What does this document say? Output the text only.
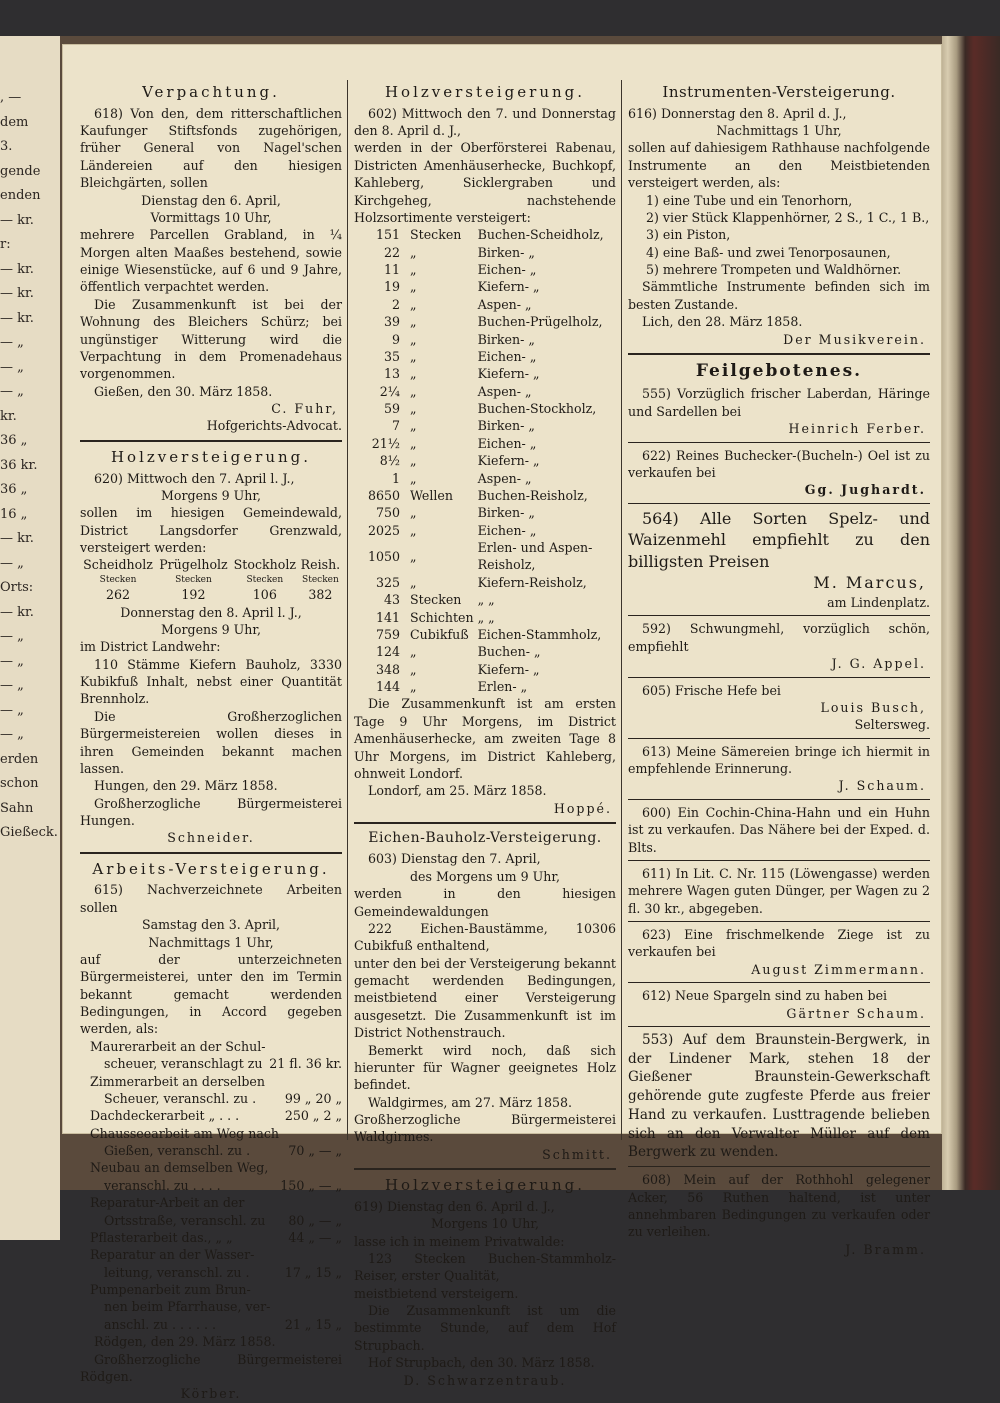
, —
dem
3.
gende
enden
— kr.
r:
— kr.
— kr.
— kr.
— „
— „
— „
kr.
36 „
36 kr.
36 „
16 „
— kr.
— „
Orts:
— kr.
— „
— „
— „
— „
— „
erden
schon
Sahn
Gießeck.
Verpachtung.

618) Von den, dem ritterschaftlichen Kaufunger Stiftsfonds zugehörigen, früher General von Nagel'schen Ländereien auf den hiesigen Bleichgärten, sollen

Dienstag den 6. April,
Vormittags 10 Uhr,

mehrere Parcellen Grabland, in ¼ Morgen alten Maaßes bestehend, sowie einige Wiesenstücke, auf 6 und 9 Jahre, öffentlich verpachtet werden.

Die Zusammenkunft ist bei der Wohnung des Bleichers Schürz; bei ungünstiger Witterung wird die Verpachtung in dem Promenadehaus vorgenommen.

Gießen, den 30. März 1858.

C. Fuhr,
Hofgerichts-Advocat.
Holzversteigerung.

620) Mittwoch den 7. April l. J.,

Morgens 9 Uhr,

sollen im hiesigen Gemeindewald, District Langsdorfer Grenzwald, versteigert werden:

Scheidholz	Prügelholz	Stockholz	Reish.
Stecken	Stecken	Stecken	Stecken
262	192	106	382
Donnerstag den 8. April l. J.,
Morgens 9 Uhr,

im District Landwehr:

110 Stämme Kiefern Bauholz, 3330 Kubikfuß Inhalt, nebst einer Quantität Brennholz.

Die Großherzoglichen Bürgermeistereien wollen dieses in ihren Gemeinden bekannt machen lassen.

Hungen, den 29. März 1858.

Großherzogliche Bürgermeisterei Hungen.

Schneider.
Arbeits-Versteigerung.

615) Nachverzeichnete Arbeiten sollen

Samstag den 3. April,
Nachmittags 1 Uhr,

auf der unterzeichneten Bürgermeisterei, unter den im Termin bekannt gemacht werdenden Bedingungen, in Accord gegeben werden, als:

Maurerarbeit an der Schul-
scheuer, veranschlagt zu 21 fl. 36 kr.
Zimmerarbeit an derselben
Scheuer, veranschl. zu . 99 „ 20 „
Dachdeckerarbeit „ . . .	250 „ 2 „
Chausseearbeit am Weg nach
Gießen, veranschl. zu .	70 „ — „
Neubau an demselben Weg,
veranschl. zu . . . .	150 „ — „
Reparatur-Arbeit an der
Ortsstraße, veranschl. zu 80 „ — „
Pflasterarbeit das., „ „	44 „ — „
Reparatur an der Wasser-
leitung, veranschl. zu .	17 „ 15 „
Pumpenarbeit zum Brun-
nen beim Pfarrhause, ver-
anschl. zu . . . . . .	21 „ 15 „

Rödgen, den 29. März 1858.

Großherzogliche Bürgermeisterei Rödgen.

Körber.
Holzversteigerung.

602) Mittwoch den 7. und Donnerstag den 8. April d. J.,

werden in der Oberförsterei Rabenau, Districten Amenhäuserhecke, Buchkopf, Kahleberg, Sicklergraben und Kirchgeheg, nachstehende Holzsortimente versteigert:

151	Stecken	Buchen-Scheidholz,
22	„	Birken- „
11	„	Eichen- „
19	„	Kiefern- „
2	„	Aspen- „
39	„	Buchen-Prügelholz,
9	„	Birken- „
35	„	Eichen- „
13	„	Kiefern- „
2¼	„	Aspen- „
59	„	Buchen-Stockholz,
7	„	Birken- „
21½	„	Eichen- „
8½	„	Kiefern- „
1	„	Aspen- „
8650	Wellen	Buchen-Reisholz,
750	„	Birken- „
2025	„	Eichen- „
1050	„	Erlen- und Aspen-Reisholz,
325	„	Kiefern-Reisholz,
43	Stecken	„ „
141	Schichten	„ „
759	Cubikfuß	Eichen-Stammholz,
124	„	Buchen- „
348	„	Kiefern- „
144	„	Erlen- „

Die Zusammenkunft ist am ersten Tage 9 Uhr Morgens, im District Amenhäuserhecke, am zweiten Tage 8 Uhr Morgens, im District Kahleberg, ohnweit Londorf.

Londorf, am 25. März 1858.

Hoppé.
Eichen-Bauholz-Versteigerung.

603) Dienstag den 7. April,

des Morgens um 9 Uhr,

werden in den hiesigen Gemeindewaldungen

222 Eichen-Baustämme, 10306 Cubikfuß enthaltend,

unter den bei der Versteigerung bekannt gemacht werdenden Bedingungen, meistbietend einer Versteigerung ausgesetzt. Die Zusammenkunft ist im District Nothenstrauch.

Bemerkt wird noch, daß sich hierunter für Wagner geeignetes Holz befindet.

Waldgirmes, am 27. März 1858.

Großherzogliche Bürgermeisterei Waldgirmes.

Schmitt.
Holzversteigerung.

619) Dienstag den 6. April d. J.,

Morgens 10 Uhr,

lasse ich in meinem Privatwalde:

123 Stecken Buchen-Stammholz-Reiser, erster Qualität,

meistbietend versteigern.

Die Zusammenkunft ist um die bestimmte Stunde, auf dem Hof Strupbach.

Hof Strupbach, den 30. März 1858.

D. Schwarzentraub.
Instrumenten-Versteigerung.

616) Donnerstag den 8. April d. J.,

Nachmittags 1 Uhr,

sollen auf dahiesigem Rathhause nachfolgende Instrumente an den Meistbietenden versteigert werden, als:

1) eine Tube und ein Tenorhorn,
2) vier Stück Klappenhörner, 2 S., 1 C., 1 B.,
3) ein Piston,
4) eine Baß- und zwei Tenorposaunen,
5) mehrere Trompeten und Waldhörner.

Sämmtliche Instrumente befinden sich im besten Zustande.

Lich, den 28. März 1858.

Der Musikverein.
Feilgebotenes.

555) Vorzüglich frischer Laberdan, Häringe und Sardellen bei

Heinrich Ferber.

622) Reines Buchecker-(Bucheln-) Oel ist zu verkaufen bei

Gg. Jughardt.

564) Alle Sorten Spelz- und Waizenmehl empfiehlt zu den billigsten Preisen

M. Marcus,
am Lindenplatz.

592) Schwungmehl, vorzüglich schön, empfiehlt

J. G. Appel.

605) Frische Hefe bei

Louis Busch,
Seltersweg.

613) Meine Sämereien bringe ich hiermit in empfehlende Erinnerung.

J. Schaum.

600) Ein Cochin-China-Hahn und ein Huhn ist zu verkaufen. Das Nähere bei der Exped. d. Blts.

611) In Lit. C. Nr. 115 (Löwengasse) werden mehrere Wagen guten Dünger, per Wagen zu 2 fl. 30 kr., abgegeben.

623) Eine frischmelkende Ziege ist zu verkaufen bei

August Zimmermann.

612) Neue Spargeln sind zu haben bei

Gärtner Schaum.

553) Auf dem Braunstein-Bergwerk, in der Lindener Mark, stehen 18 der Gießener Braunstein-Gewerkschaft gehörende gute zugfeste Pferde aus freier Hand zu verkaufen. Lusttragende belieben sich an den Verwalter Müller auf dem Bergwerk zu wenden.

608) Mein auf der Rothhohl gelegener Acker, 56 Ruthen haltend, ist unter annehmbaren Bedingungen zu verkaufen oder zu verleihen.

J. Bramm.
